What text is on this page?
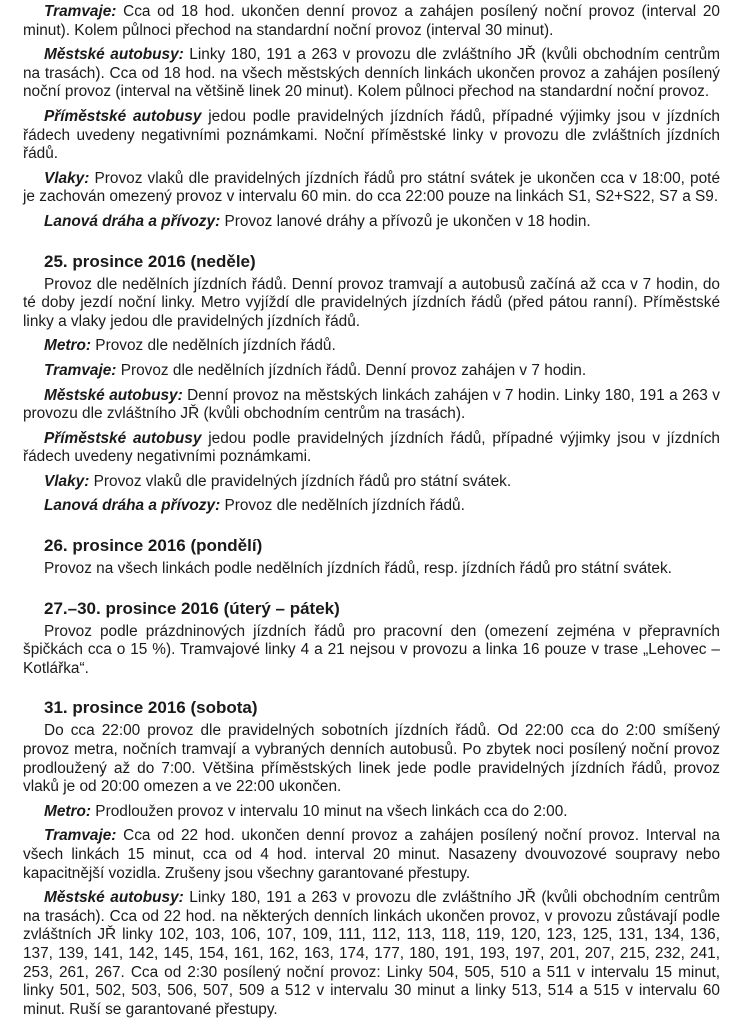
Tramvaje: Cca od 18 hod. ukončen denní provoz a zahájen posílený noční provoz (interval 20 minut). Kolem půlnoci přechod na standardní noční provoz (interval 30 minut).

Městské autobusy: Linky 180, 191 a 263 v provozu dle zvláštního JŘ (kvůli obchodním centrům na trasách). Cca od 18 hod. na všech městských denních linkách ukončen provoz a zahájen posílený noční provoz (interval na většině linek 20 minut). Kolem půlnoci přechod na standardní noční provoz.

Příměstské autobusy jedou podle pravidelných jízdních řádů, případné výjimky jsou v jízdních řádech uvedeny negativními poznámkami. Noční příměstské linky v provozu dle zvláštních jízdních řádů.

Vlaky: Provoz vlaků dle pravidelných jízdních řádů pro státní svátek je ukončen cca v 18:00, poté je zachován omezený provoz v intervalu 60 min. do cca 22:00 pouze na linkách S1, S2+S22, S7 a S9.

Lanová dráha a přívozy: Provoz lanové dráhy a přívozů je ukončen v 18 hodin.

25. prosince 2016 (neděle)

Provoz dle nedělních jízdních řádů. Denní provoz tramvají a autobusů začíná až cca v 7 hodin, do té doby jezdí noční linky. Metro vyjíždí dle pravidelných jízdních řádů (před pátou ranní). Příměstské linky a vlaky jedou dle pravidelných jízdních řádů.

Metro: Provoz dle nedělních jízdních řádů.

Tramvaje: Provoz dle nedělních jízdních řádů. Denní provoz zahájen v 7 hodin.

Městské autobusy: Denní provoz na městských linkách zahájen v 7 hodin. Linky 180, 191 a 263 v provozu dle zvláštního JŘ (kvůli obchodním centrům na trasách).

Příměstské autobusy jedou podle pravidelných jízdních řádů, případné výjimky jsou v jízdních řádech uvedeny negativními poznámkami.

Vlaky: Provoz vlaků dle pravidelných jízdních řádů pro státní svátek.

Lanová dráha a přívozy: Provoz dle nedělních jízdních řádů.

26. prosince 2016 (pondělí)

Provoz na všech linkách podle nedělních jízdních řádů, resp. jízdních řádů pro státní svátek.

27.–30. prosince 2016 (úterý – pátek)

Provoz podle prázdninových jízdních řádů pro pracovní den (omezení zejména v přepravních špičkách cca o 15 %). Tramvajové linky 4 a 21 nejsou v provozu a linka 16 pouze v trase „Lehovec – Kotlářka“.

31. prosince 2016 (sobota)

Do cca 22:00 provoz dle pravidelných sobotních jízdních řádů. Od 22:00 cca do 2:00 smíšený provoz metra, nočních tramvají a vybraných denních autobusů. Po zbytek noci posílený noční provoz prodloužený až do 7:00. Většina příměstských linek jede podle pravidelných jízdních řádů, provoz vlaků je od 20:00 omezen a ve 22:00 ukončen.

Metro: Prodloužen provoz v intervalu 10 minut na všech linkách cca do 2:00.

Tramvaje: Cca od 22 hod. ukončen denní provoz a zahájen posílený noční provoz. Interval na všech linkách 15 minut, cca od 4 hod. interval 20 minut. Nasazeny dvouvozové soupravy nebo kapacitnější vozidla. Zrušeny jsou všechny garantované přestupy.

Městské autobusy: Linky 180, 191 a 263 v provozu dle zvláštního JŘ (kvůli obchodním centrům na trasách). Cca od 22 hod. na některých denních linkách ukončen provoz, v provozu zůstávají podle zvláštních JŘ linky 102, 103, 106, 107, 109, 111, 112, 113, 118, 119, 120, 123, 125, 131, 134, 136, 137, 139, 141, 142, 145, 154, 161, 162, 163, 174, 177, 180, 191, 193, 197, 201, 207, 215, 232, 241, 253, 261, 267. Cca od 2:30 posílený noční provoz: Linky 504, 505, 510 a 511 v intervalu 15 minut, linky 501, 502, 503, 506, 507, 509 a 512 v intervalu 30 minut a linky 513, 514 a 515 v intervalu 60 minut. Ruší se garantované přestupy.
